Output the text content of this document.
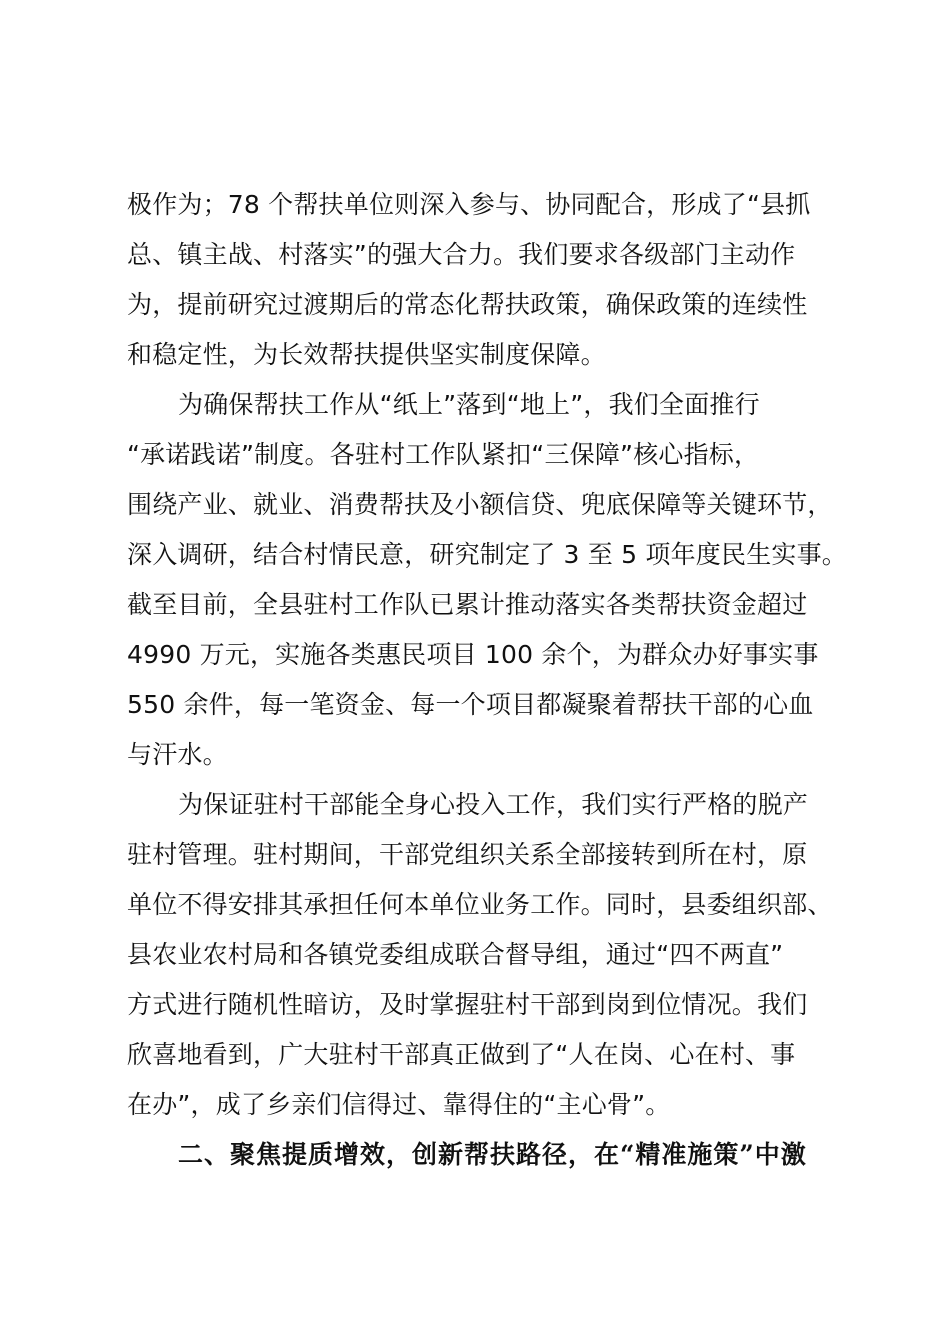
极作为；78 个帮扶单位则深入参与、协同配合，形成了“县抓
总、镇主战、村落实”的强大合力。我们要求各级部门主动作
为，提前研究过渡期后的常态化帮扶政策，确保政策的连续性
和稳定性，为长效帮扶提供坚实制度保障。
为确保帮扶工作从“纸上”落到“地上”，我们全面推行
“承诺践诺”制度。各驻村工作队紧扣“三保障”核心指标，
围绕产业、就业、消费帮扶及小额信贷、兜底保障等关键环节，
深入调研，结合村情民意，研究制定了 3 至 5 项年度民生实事。
截至目前，全县驻村工作队已累计推动落实各类帮扶资金超过
4990 万元，实施各类惠民项目 100 余个，为群众办好事实事
550 余件，每一笔资金、每一个项目都凝聚着帮扶干部的心血
与汗水。
为保证驻村干部能全身心投入工作，我们实行严格的脱产
驻村管理。驻村期间，干部党组织关系全部接转到所在村，原
单位不得安排其承担任何本单位业务工作。同时，县委组织部、
县农业农村局和各镇党委组成联合督导组，通过“四不两直”
方式进行随机性暗访，及时掌握驻村干部到岗到位情况。我们
欣喜地看到，广大驻村干部真正做到了“人在岗、心在村、事
在办”，成了乡亲们信得过、靠得住的“主心骨”。
二、聚焦提质增效，创新帮扶路径，在“精准施策”中激
